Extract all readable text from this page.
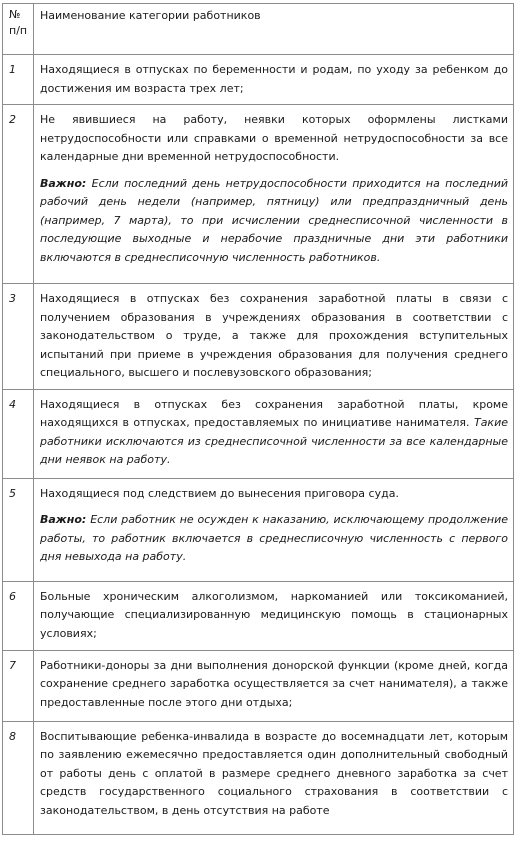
№
п/п	Наименование категории работников
1	Находящиеся в отпусках по беременности и родам, по уходу за ребенком до достижения им возраста трех лет;

2	Не явившиеся на работу, неявки которых оформлены листками нетрудоспособности или справками о временной нетрудоспособности за все календарные дни временной нетрудоспособности.

Важно: Если последний день нетрудоспособности приходится на последний рабочий день недели (например, пятницу) или предпраздничный день (например, 7 марта), то при исчислении среднесписочной численности в последующие выходные и нерабочие праздничные дни эти работники включаются в среднесписочную численность работников.

3	Находящиеся в отпусках без сохранения заработной платы в связи с получением образования в учреждениях образования в соответствии с законодательством о труде, а также для прохождения вступительных испытаний при приеме в учреждения образования для получения среднего специального, высшего и послевузовского образования;

4	Находящиеся в отпусках без сохранения заработной платы, кроме находящихся в отпусках, предоставляемых по инициативе нанимателя. Такие работники исключаются из среднесписочной численности за все календарные дни неявок на работу.

5	Находящиеся под следствием до вынесения приговора суда.

Важно: Если работник не осужден к наказанию, исключающему продолжение работы, то работник включается в среднесписочную численность с первого дня невыхода на работу.

6	Больные хроническим алкоголизмом, наркоманией или токсикоманией, получающие специализированную медицинскую помощь в стационарных условиях;

7	Работники-доноры за дни выполнения донорской функции (кроме дней, когда сохранение среднего заработка осуществляется за счет нанимателя), а также предоставленные после этого дни отдыха;

8	Воспитывающие ребенка-инвалида в возрасте до восемнадцати лет, которым по заявлению ежемесячно предоставляется один дополнительный свободный от работы день с оплатой в размере среднего дневного заработка за счет средств государственного социального страхования в соответствии с законодательством, в день отсутствия на работе
